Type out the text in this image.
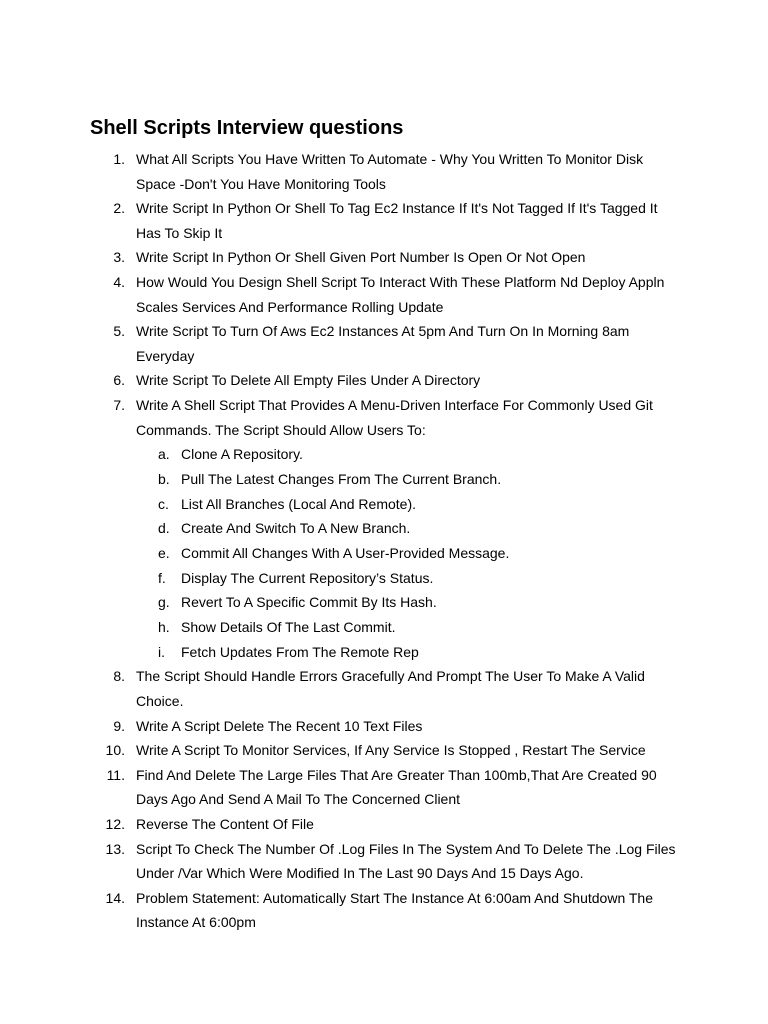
Shell Scripts Interview questions
1. What All Scripts You Have Written To Automate - Why You Written To Monitor Disk Space -Don't You Have Monitoring Tools
2. Write Script In Python Or Shell To Tag Ec2 Instance If It's Not Tagged If It's Tagged It Has To Skip It
3. Write Script In Python Or Shell Given Port Number Is Open Or Not Open
4. How Would You Design Shell Script To Interact With These Platform Nd Deploy Appln Scales Services And Performance Rolling Update
5. Write Script To Turn Of Aws Ec2 Instances At 5pm And Turn On In Morning 8am Everyday
6. Write Script To Delete All Empty Files Under A Directory
7. Write A Shell Script That Provides A Menu-Driven Interface For Commonly Used Git Commands. The Script Should Allow Users To:
a. Clone A Repository.
b. Pull The Latest Changes From The Current Branch.
c. List All Branches (Local And Remote).
d. Create And Switch To A New Branch.
e. Commit All Changes With A User-Provided Message.
f. Display The Current Repository’s Status.
g. Revert To A Specific Commit By Its Hash.
h. Show Details Of The Last Commit.
i. Fetch Updates From The Remote Rep
8. The Script Should Handle Errors Gracefully And Prompt The User To Make A Valid Choice.
9. Write A Script Delete The Recent 10 Text Files
10. Write A Script To Monitor Services, If Any Service Is Stopped , Restart The Service
11. Find And Delete The Large Files That Are Greater Than 100mb,That Are Created 90 Days Ago And Send A Mail To The Concerned Client
12. Reverse The Content Of File
13. Script To Check The Number Of .Log Files In The System And To Delete The .Log Files Under /Var Which Were Modified In The Last 90 Days And 15 Days Ago.
14. Problem Statement: Automatically Start The Instance At 6:00am And Shutdown The Instance At 6:00pm
